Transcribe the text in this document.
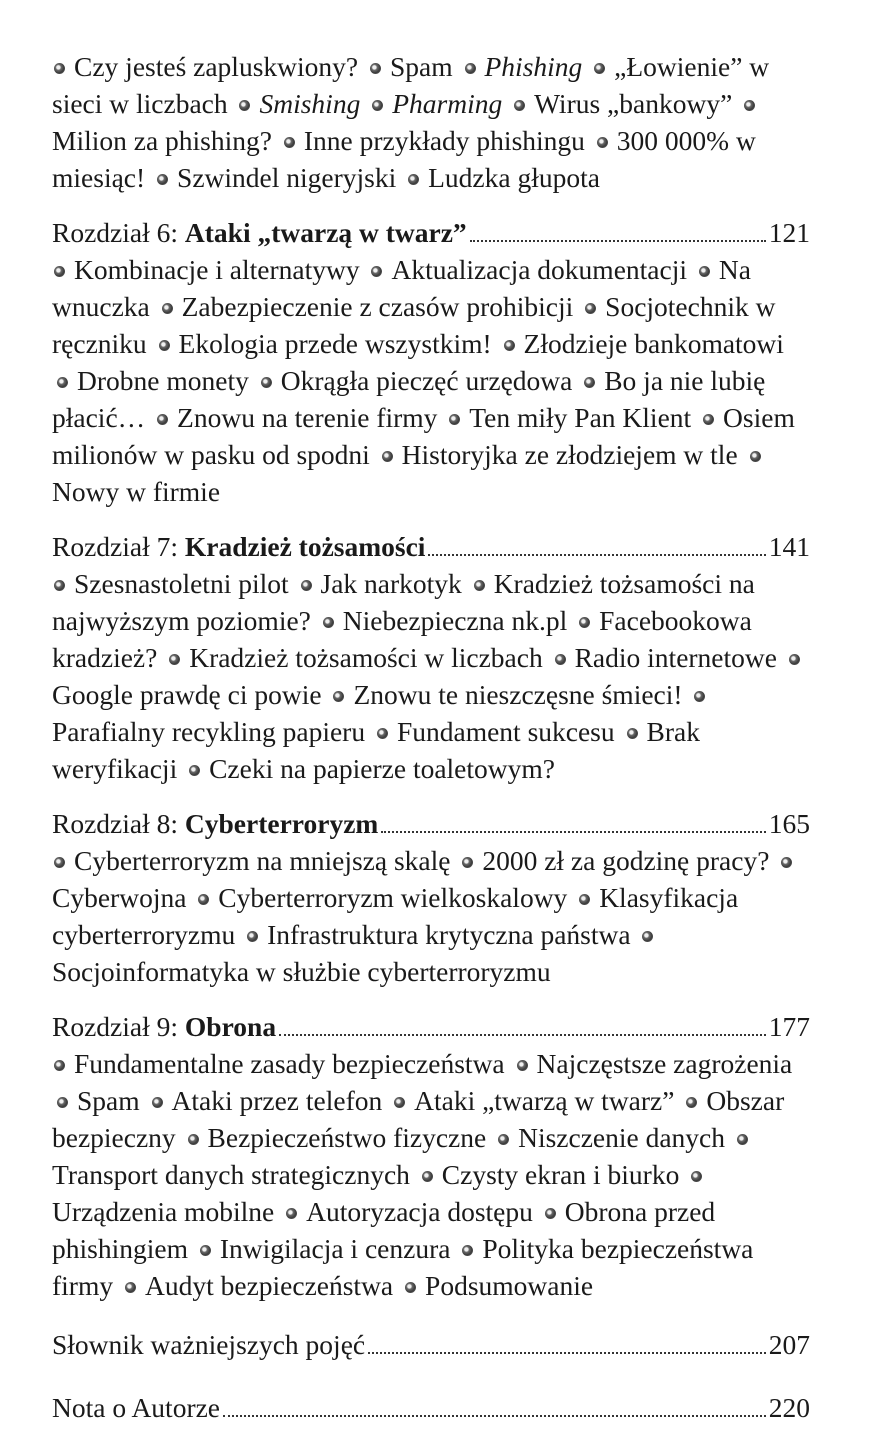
Czy jesteś zapluskwiony? Spam Phishing „Łowienie” w sieci w liczbach Smishing Pharming Wirus „bankowy” Milion za phishing? Inne przykłady phishingu 300 000% w miesiąc! Szwindel nigeryjski Ludzka głupota

Rozdział 6: Ataki „twarzą w twarz”	121

Kombinacje i alternatywy Aktualizacja dokumentacji Na wnuczka Zabezpieczenie z czasów prohibicji Socjotechnik w ręczniku Ekologia przede wszystkim! Złodzieje bankomatowi Drobne monety Okrągła pieczęć urzędowa Bo ja nie lubię płacić… Znowu na terenie firmy Ten miły Pan Klient Osiem milionów w pasku od spodni Historyjka ze złodziejem w tle Nowy w firmie

Rozdział 7: Kradzież tożsamości	141

Szesnastoletni pilot Jak narkotyk Kradzież tożsamości na najwyższym poziomie? Niebezpieczna nk.pl Facebookowa kradzież? Kradzież tożsamości w liczbach Radio internetowe Google prawdę ci powie Znowu te nieszczęsne śmieci! Parafialny recykling papieru Fundament sukcesu Brak weryfikacji Czeki na papierze toaletowym?

Rozdział 8: Cyberterroryzm	165

Cyberterroryzm na mniejszą skalę 2000 zł za godzinę pracy? Cyberwojna Cyberterroryzm wielkoskalowy Klasyfikacja cyberterroryzmu Infrastruktura krytyczna państwa Socjoinformatyka w służbie cyberterroryzmu

Rozdział 9: Obrona	177

Fundamentalne zasady bezpieczeństwa Najczęstsze zagrożenia Spam Ataki przez telefon Ataki „twarzą w twarz” Obszar bezpieczny Bezpieczeństwo fizyczne Niszczenie danych Transport danych strategicznych Czysty ekran i biurko Urządzenia mobilne Autoryzacja dostępu Obrona przed phishingiem Inwigilacja i cenzura Polityka bezpieczeństwa firmy Audyt bezpieczeństwa Podsumowanie

Słownik ważniejszych pojęć	207
Nota o Autorze	220
